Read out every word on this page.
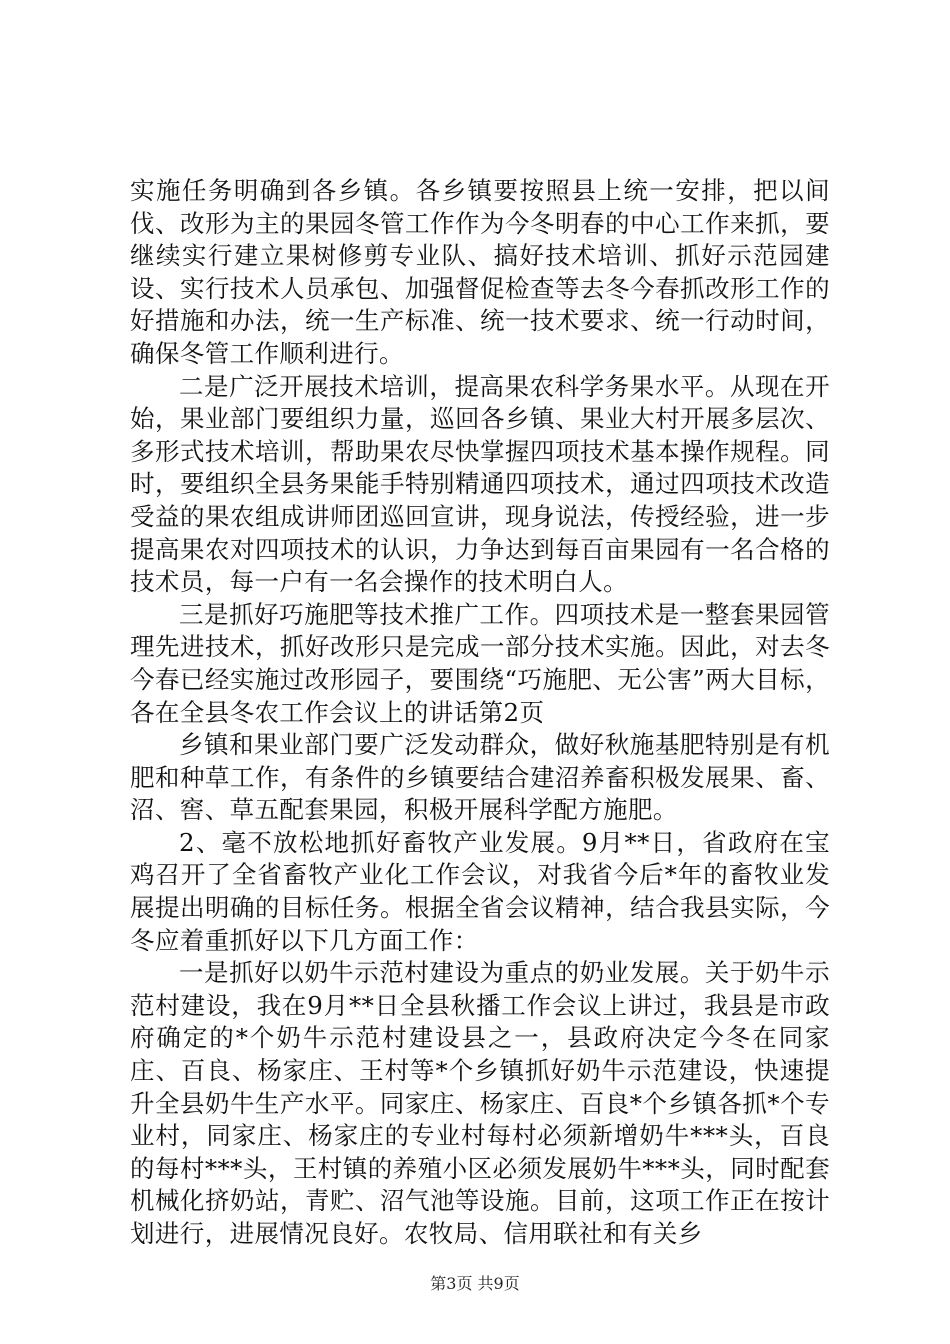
实施任务明确到各乡镇。各乡镇要按照县上统一安排，把以间伐、改形为主的果园冬管工作作为今冬明春的中心工作来抓，要继续实行建立果树修剪专业队、搞好技术培训、抓好示范园建设、实行技术人员承包、加强督促检查等去冬今春抓改形工作的好措施和办法，统一生产标准、统一技术要求、统一行动时间，确保冬管工作顺利进行。

二是广泛开展技术培训，提高果农科学务果水平。从现在开始，果业部门要组织力量，巡回各乡镇、果业大村开展多层次、多形式技术培训，帮助果农尽快掌握四项技术基本操作规程。同时，要组织全县务果能手特别精通四项技术，通过四项技术改造受益的果农组成讲师团巡回宣讲，现身说法，传授经验，进一步提高果农对四项技术的认识，力争达到每百亩果园有一名合格的技术员，每一户有一名会操作的技术明白人。

三是抓好巧施肥等技术推广工作。四项技术是一整套果园管理先进技术，抓好改形只是完成一部分技术实施。因此，对去冬今春已经实施过改形园子，要围绕“巧施肥、无公害”两大目标，各在全县冬农工作会议上的讲话第2页

乡镇和果业部门要广泛发动群众，做好秋施基肥特别是有机肥和种草工作，有条件的乡镇要结合建沼养畜积极发展果、畜、沼、窖、草五配套果园，积极开展科学配方施肥。

2、毫不放松地抓好畜牧产业发展。9月**日，省政府在宝鸡召开了全省畜牧产业化工作会议，对我省今后*年的畜牧业发展提出明确的目标任务。根据全省会议精神，结合我县实际，今冬应着重抓好以下几方面工作：

一是抓好以奶牛示范村建设为重点的奶业发展。关于奶牛示范村建设，我在9月**日全县秋播工作会议上讲过，我县是市政府确定的*个奶牛示范村建设县之一，县政府决定今冬在同家庄、百良、杨家庄、王村等*个乡镇抓好奶牛示范建设，快速提升全县奶牛生产水平。同家庄、杨家庄、百良*个乡镇各抓*个专业村，同家庄、杨家庄的专业村每村必须新增奶牛***头，百良的每村***头，王村镇的养殖小区必须发展奶牛***头，同时配套机械化挤奶站，青贮、沼气池等设施。目前，这项工作正在按计划进行，进展情况良好。农牧局、信用联社和有关乡

第3页 共9页
